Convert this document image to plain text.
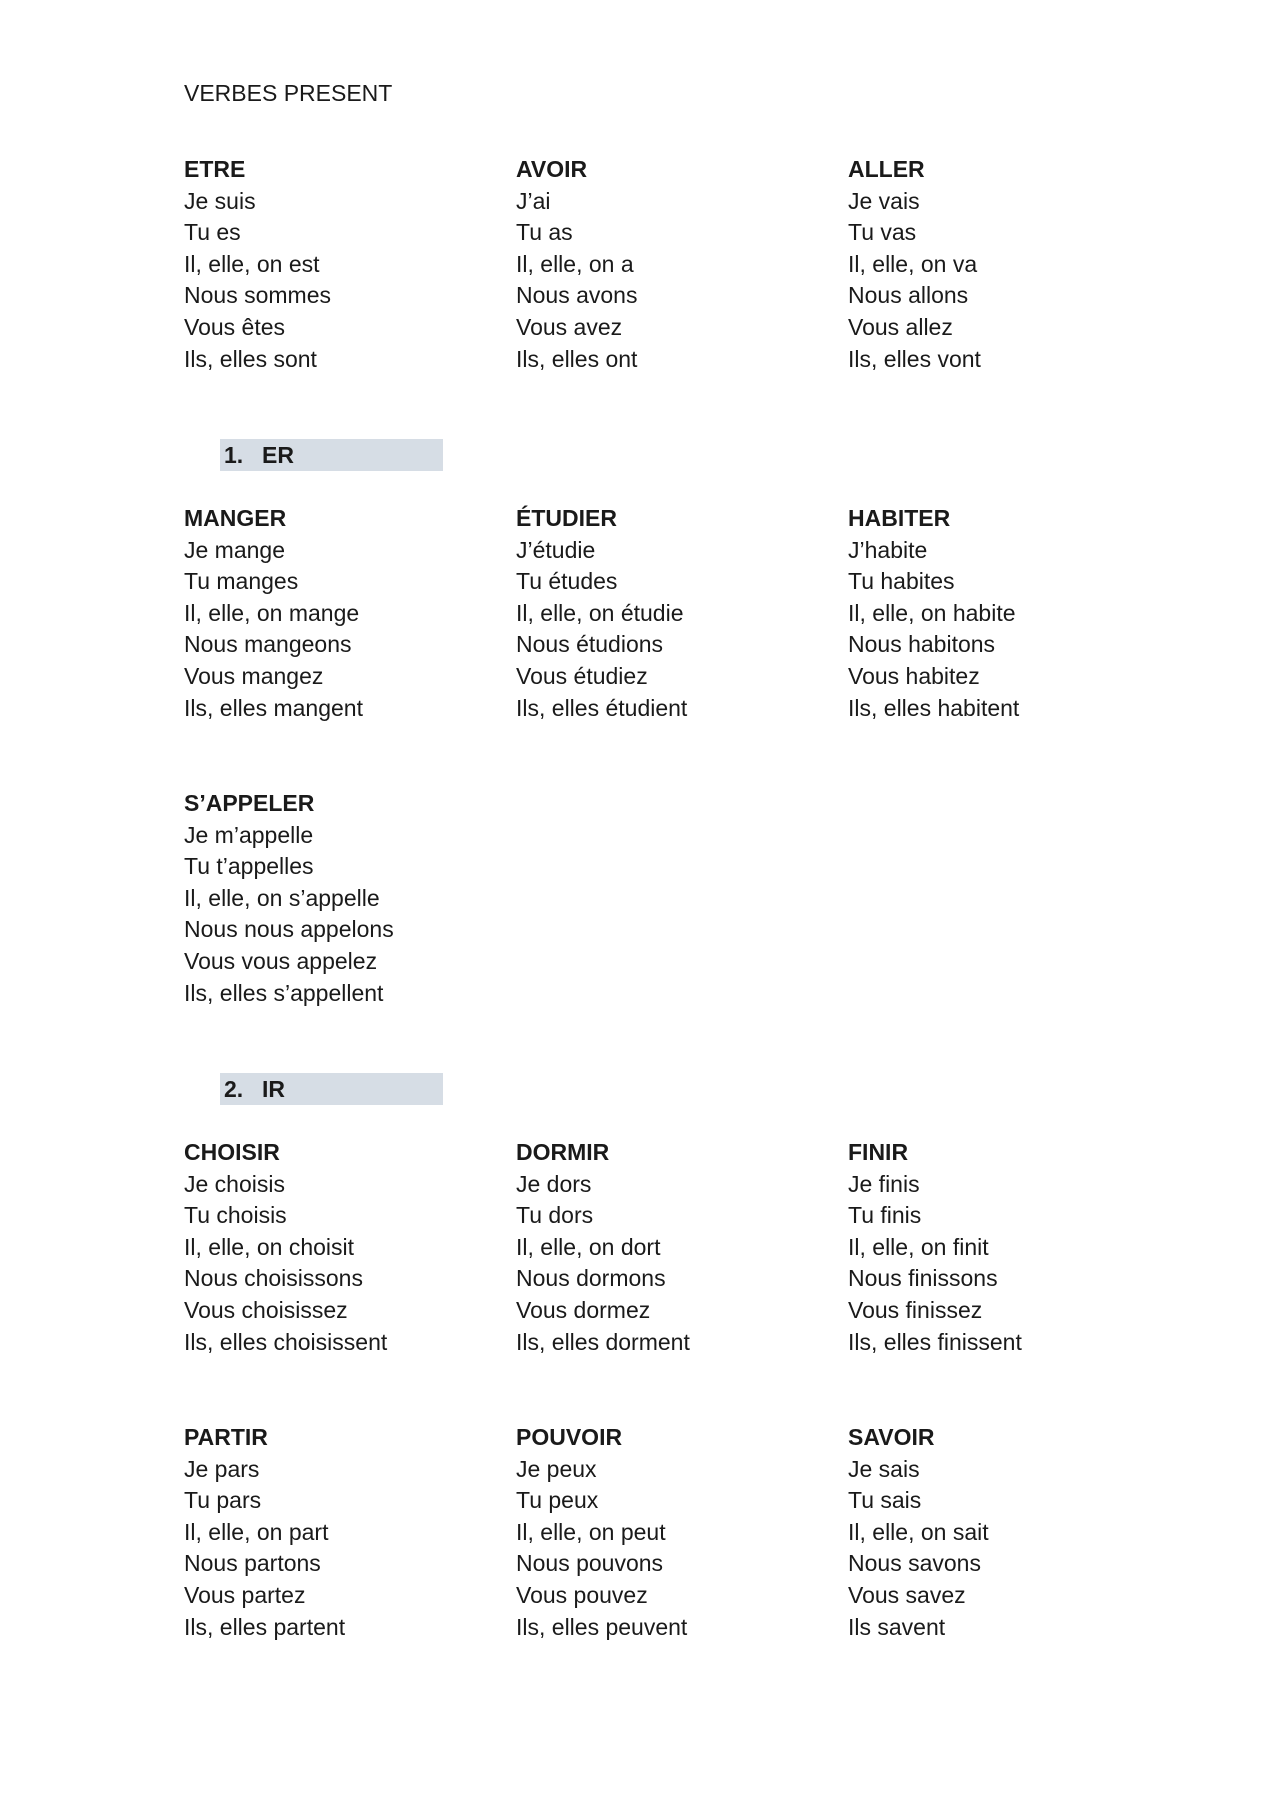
VERBES PRESENT
ETRE
Je suis
Tu es
Il, elle, on est
Nous sommes
Vous êtes
Ils, elles sont
AVOIR
J’ai
Tu as
Il, elle, on a
Nous avons
Vous avez
Ils, elles ont
ALLER
Je vais
Tu vas
Il, elle, on va
Nous allons
Vous allez
Ils, elles vont
1. ER
MANGER
Je mange
Tu manges
Il, elle, on mange
Nous mangeons
Vous mangez
Ils, elles mangent
ÉTUDIER
J’étudie
Tu études
Il, elle, on étudie
Nous étudions
Vous étudiez
Ils, elles étudient
HABITER
J’habite
Tu habites
Il, elle, on habite
Nous habitons
Vous habitez
Ils, elles habitent
S’APPELER
Je m’appelle
Tu t’appelles
Il, elle, on s’appelle
Nous nous appelons
Vous vous appelez
Ils, elles s’appellent
2. IR
CHOISIR
Je choisis
Tu choisis
Il, elle, on choisit
Nous choisissons
Vous choisissez
Ils, elles choisissent
DORMIR
Je dors
Tu dors
Il, elle, on dort
Nous dormons
Vous dormez
Ils, elles dorment
FINIR
Je finis
Tu finis
Il, elle, on finit
Nous finissons
Vous finissez
Ils, elles finissent
PARTIR
Je pars
Tu pars
Il, elle, on part
Nous partons
Vous partez
Ils, elles partent
POUVOIR
Je peux
Tu peux
Il, elle, on peut
Nous pouvons
Vous pouvez
Ils, elles peuvent
SAVOIR
Je sais
Tu sais
Il, elle, on sait
Nous savons
Vous savez
Ils savent
